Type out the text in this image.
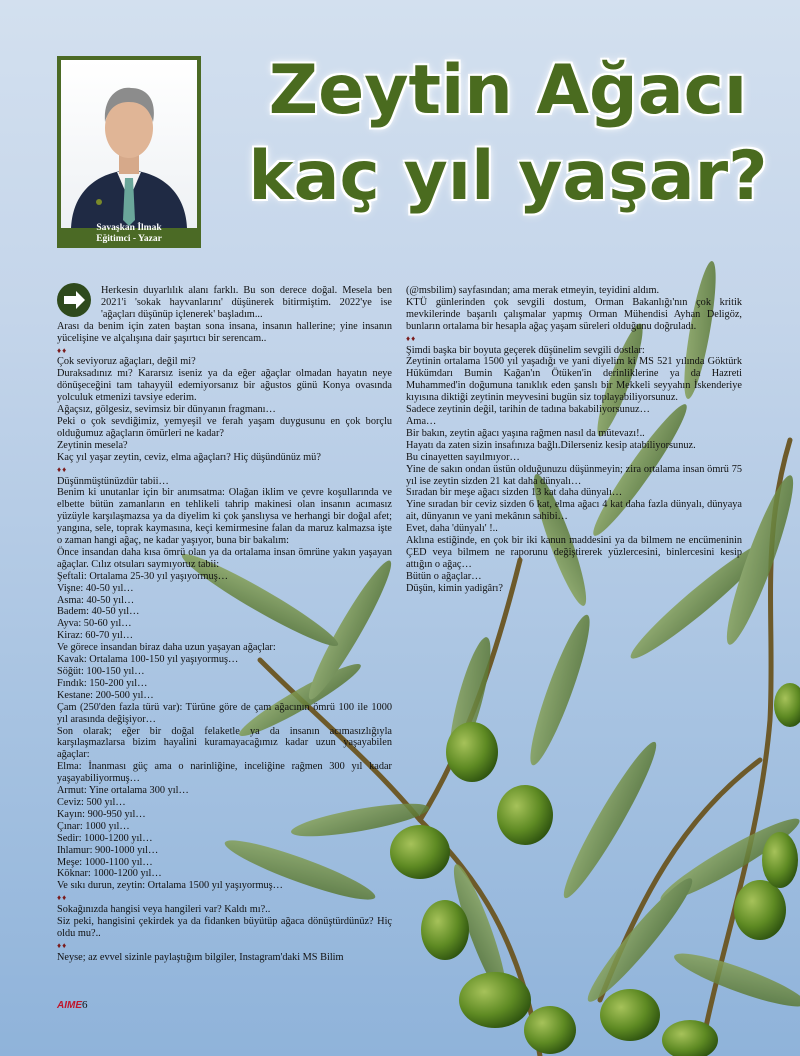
Savaşkan İlmak
Eğitimci - Yazar
Zeytin Ağacı
kaç yıl yaşar?

Herkesin duyarlılık alanı farklı. Bu son derece doğal. Mesela ben 2021'i 'sokak hayvanlarını' düşünerek bitirmiştim. 2022'ye ise 'ağaçları düşünüp içlenerek' başladım...

Arası da benim için zaten baştan sona insana, insanın hallerine; yine insanın yücelişine ve alçalışına dair şaşırtıcı bir serencam..

♦♦

Çok seviyoruz ağaçları, değil mi?

Duraksadınız mı? Kararsız iseniz ya da eğer ağaçlar olmadan hayatın neye dönüşeceğini tam tahayyül edemiyorsanız bir ağustos günü Konya ovasında yolculuk etmenizi tavsiye ederim.

Ağaçsız, gölgesiz, sevimsiz bir dünyanın fragmanı…

Peki o çok sevdiğimiz, yemyeşil ve ferah yaşam duygusunu en çok borçlu olduğumuz ağaçların ömürleri ne kadar?

Zeytinin mesela?

Kaç yıl yaşar zeytin, ceviz, elma ağaçları? Hiç düşündünüz mü?

♦♦

Düşünmüştünüzdür tabii…

Benim ki unutanlar için bir anımsatma: Olağan iklim ve çevre koşullarında ve elbette bütün zamanların en tehlikeli tahrip makinesi olan insanın acımasız yüzüyle karşılaşmazsa ya da diyelim ki çok şanslıysa ve herhangi bir doğal afet; yangına, sele, toprak kaymasına, keçi kemirmesine falan da maruz kalmazsa işte o zaman hangi ağaç, ne kadar yaşıyor, buna bir bakalım:

Önce insandan daha kısa ömrü olan ya da ortalama insan ömrüne yakın yaşayan ağaçlar. Cılız otsuları saymıyoruz tabii:

Şeftali: Ortalama 25-30 yıl yaşıyormuş…

Vişne: 40-50 yıl…

Asma: 40-50 yıl…

Badem: 40-50 yıl…

Ayva: 50-60 yıl…

Kiraz: 60-70 yıl…

Ve görece insandan biraz daha uzun yaşayan ağaçlar:

Kavak: Ortalama 100-150 yıl yaşıyormuş…

Söğüt: 100-150 yıl…

Fındık: 150-200 yıl…

Kestane: 200-500 yıl…

Çam (250'den fazla türü var): Türüne göre de çam ağacının ömrü 100 ile 1000 yıl arasında değişiyor…

Son olarak; eğer bir doğal felaketle ya da insanın acımasızlığıyla karşılaşmazlarsa bizim hayalini kuramayacağımız kadar uzun yaşayabilen ağaçlar:

Elma: İnanması güç ama o narinliğine, inceliğine rağmen 300 yıl kadar yaşayabiliyormuş…

Armut: Yine ortalama 300 yıl…

Ceviz: 500 yıl…

Kayın: 900-950 yıl…

Çınar: 1000 yıl…

Sedir: 1000-1200 yıl…

Ihlamur: 900-1000 yıl…

Meşe: 1000-1100 yıl…

Köknar: 1000-1200 yıl…

Ve sıkı durun, zeytin: Ortalama 1500 yıl yaşıyormuş…

♦♦

Sokağınızda hangisi veya hangileri var? Kaldı mı?..

Siz peki, hangisini çekirdek ya da fidanken büyütüp ağaca dönüştürdünüz? Hiç oldu mu?..

♦♦

Neyse; az evvel sizinle paylaştığım bilgiler, Instagram'daki MS Bilim

(@msbilim) sayfasından; ama merak etmeyin, teyidini aldım.

KTÜ günlerinden çok sevgili dostum, Orman Bakanlığı'nın çok kritik mevkilerinde başarılı çalışmalar yapmış Orman Mühendisi Ayhan Deligöz, bunların ortalama bir hesapla ağaç yaşam süreleri olduğunu doğruladı.

♦♦

Şimdi başka bir boyuta geçerek düşünelim sevgili dostlar:

Zeytinin ortalama 1500 yıl yaşadığı ve yani diyelim ki MS 521 yılında Göktürk Hükümdarı Bumin Kağan'ın Ötüken'in derinliklerine ya da Hazreti Muhammed'in doğumuna tanıklık eden şanslı bir Mekkeli seyyahın İskenderiye kıyısına diktiği zeytinin meyvesini bugün siz toplayabiliyorsunuz.

Sadece zeytinin değil, tarihin de tadına bakabiliyorsunuz…

Ama…

Bir bakın, zeytin ağacı yaşına rağmen nasıl da mütevazı!..

Hayatı da zaten sizin insafınıza bağlı.Dilerseniz kesip atabiliyorsunuz.

Bu cinayetten sayılmıyor…

Yine de sakın ondan üstün olduğunuzu düşünmeyin; zira ortalama insan ömrü 75 yıl ise zeytin sizden 21 kat daha dünyalı…

Sıradan bir meşe ağacı sizden 13 kat daha dünyalı…

Yine sıradan bir ceviz sizden 6 kat, elma ağacı 4 kat daha fazla dünyalı, dünyaya ait, dünyanın ve yani mekânın sahibi…

Evet, daha 'dünyalı' !..

Aklına estiğinde, en çok bir iki kanun maddesini ya da bilmem ne encümeninin ÇED veya bilmem ne raporunu değiştirerek yüzlercesini, binlercesini kesip attığın o ağaç…

Bütün o ağaçlar…

Düşün, kimin yadigârı?

AIME6
